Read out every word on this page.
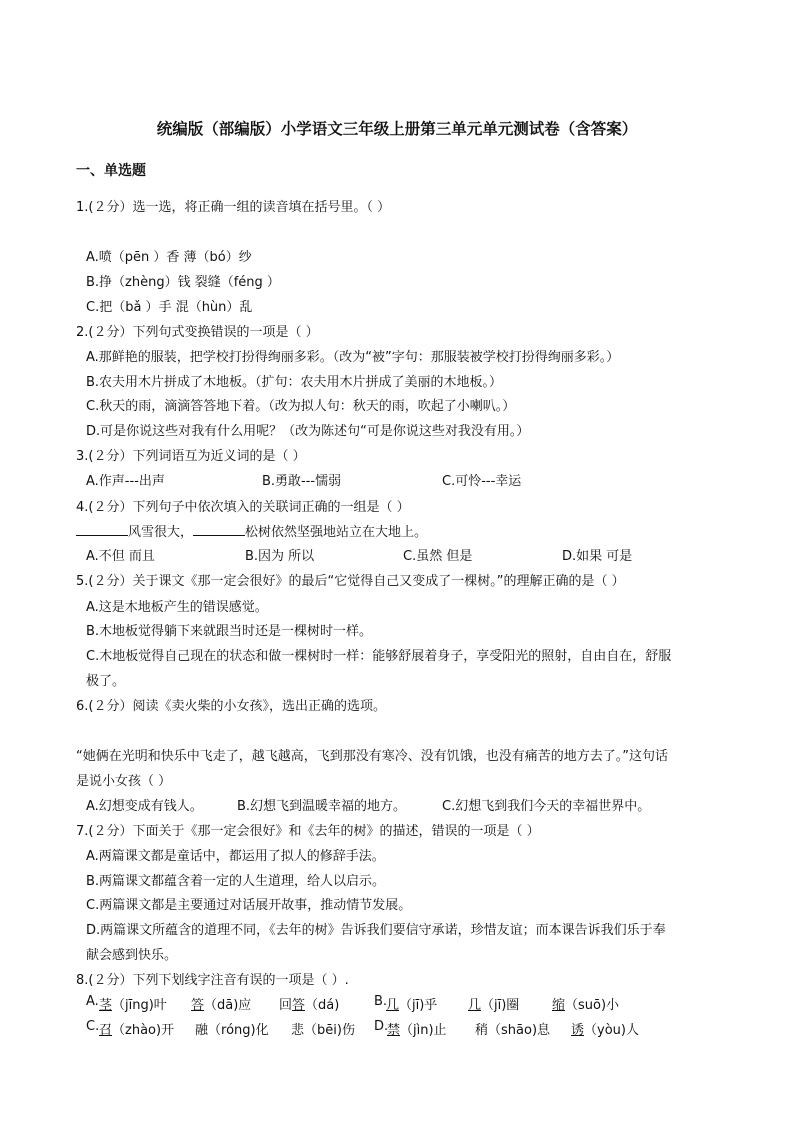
统编版（部编版）小学语文三年级上册第三单元单元测试卷（含答案）
一、单选题
1.(２分）选一选，将正确一组的读音填在括号里。（ ）
A.喷（pēn ）香 薄（bó）纱
B.挣（zhèng）钱 裂缝（féng ）
C.把（bǎ ）手 混（hùn）乱
2.(２分）下列句式变换错误的一项是（ ）
A.那鲜艳的服装，把学校打扮得绚丽多彩。（改为“被”字句：那服装被学校打扮得绚丽多彩。）
B.农夫用木片拼成了木地板。（扩句：农夫用木片拼成了美丽的木地板。）
C.秋天的雨，滴滴答答地下着。（改为拟人句：秋天的雨，吹起了小喇叭。）
D.可是你说这些对我有什么用呢？（改为陈述句“可是你说这些对我没有用。）
3.(２分）下列词语互为近义词的是（ ）
A.作声---出声	B.勇敢---懦弱	C.可怜---幸运
4.(２分）下列句子中依次填入的关联词正确的一组是（ ）
风雪很大，	松树依然坚强地站立在大地上。
A.不但 而且	B.因为 所以	C.虽然 但是	D.如果 可是
5.(２分）关于课文《那一定会很好》的最后“它觉得自己又变成了一棵树。”的理解正确的是（ ）
A.这是木地板产生的错误感觉。
B.木地板觉得躺下来就跟当时还是一棵树时一样。
C.木地板觉得自己现在的状态和做一棵树时一样：能够舒展着身子，享受阳光的照射，自由自在，舒服
极了。
6.(２分）阅读《卖火柴的小女孩》，选出正确的选项。
“她俩在光明和快乐中飞走了，越飞越高，飞到那没有寒冷、没有饥饿，也没有痛苦的地方去了。”这句话
是说小女孩（ ）
A.幻想变成有钱人。	B.幻想飞到温暖幸福的地方。	C.幻想飞到我们今天的幸福世界中。
7.(２分）下面关于《那一定会很好》和《去年的树》的描述，错误的一项是（ ）
A.两篇课文都是童话中，都运用了拟人的修辞手法。
B.两篇课文都蕴含着一定的人生道理，给人以启示。
C.两篇课文都是主要通过对话展开故事，推动情节发展。
D.两篇课文所蕴含的道理不同，《去年的树》告诉我们要信守承诺，珍惜友谊；而本课告诉我们乐于奉
献会感到快乐。
8.(２分）下列下划线字注音有误的一项是（ ）.
A. 茎（jīng)叶 答（dā)应 回答（dá)	B.
几（jī)乎 几（jī)圈	缩（suō)小
C. 召（zhào)开 融（róng)化 悲（bēi)伤 D.
禁（jìn)止 稍（shāo)息 诱（yòu)人
